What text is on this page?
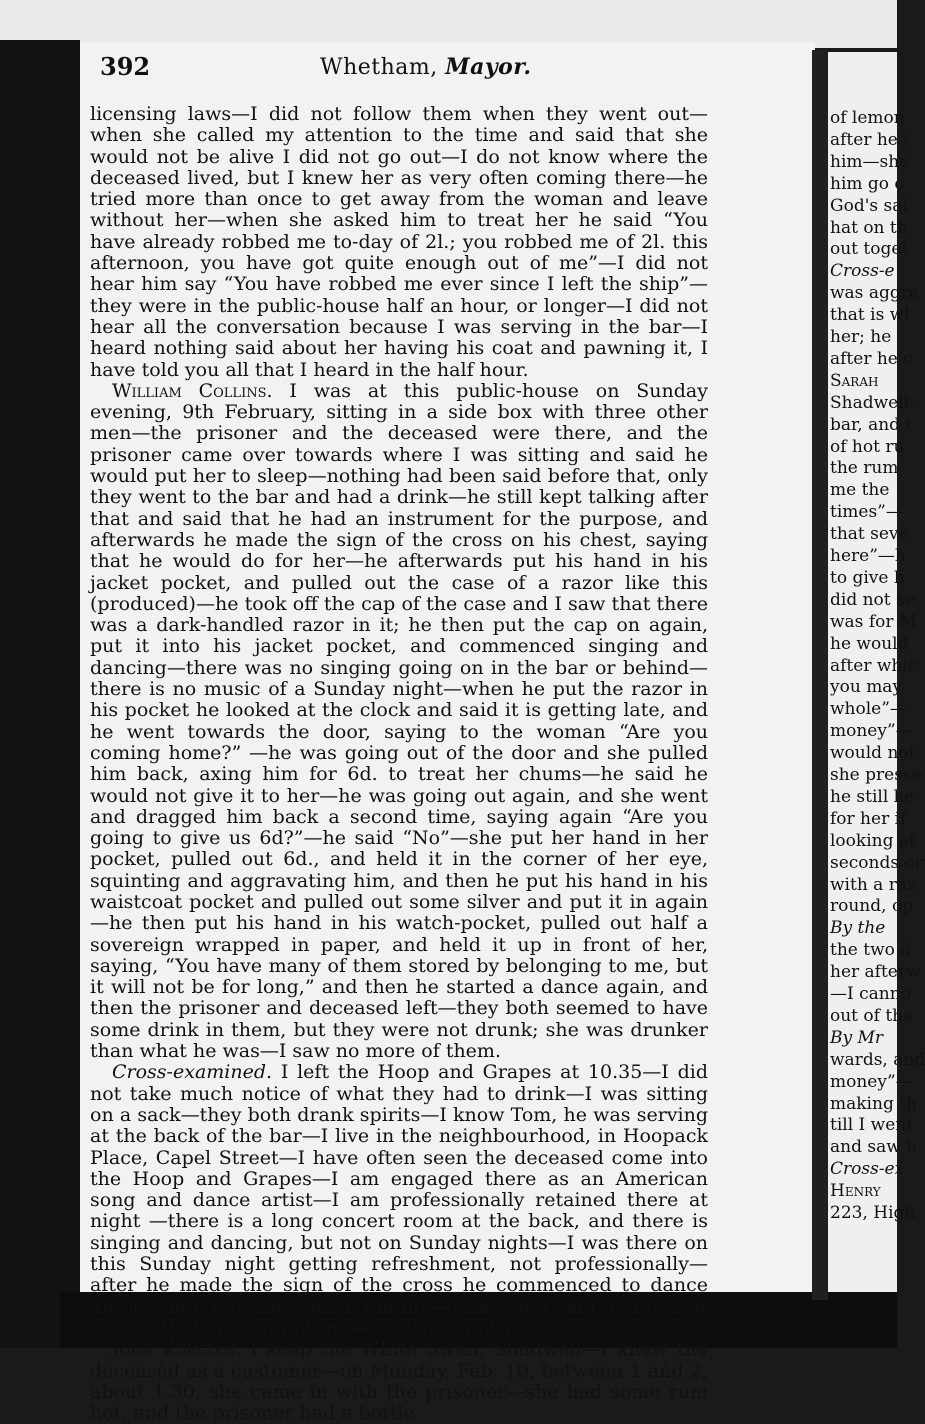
392	Whetham, Mayor.

licensing laws—I did not follow them when they went out—when she called my attention to the time and said that she would not be alive I did not go out—I do not know where the deceased lived, but I knew her as very often coming there—he tried more than once to get away from the woman and leave without her—when she asked him to treat her he said “You have already robbed me to-day of 2l.; you robbed me of 2l. this afternoon, you have got quite enough out of me”—I did not hear him say “You have robbed me ever since I left the ship”—they were in the public-house half an hour, or longer—I did not hear all the conversation because I was serving in the bar—I heard nothing said about her having his coat and pawning it, I have told you all that I heard in the half hour.

William Collins. I was at this public-house on Sunday evening, 9th February, sitting in a side box with three other men—the prisoner and the deceased were there, and the prisoner came over towards where I was sitting and said he would put her to sleep—nothing had been said before that, only they went to the bar and had a drink—he still kept talking after that and said that he had an instrument for the purpose, and afterwards he made the sign of the cross on his chest, saying that he would do for her—he afterwards put his hand in his jacket pocket, and pulled out the case of a razor like this (produced)—he took off the cap of the case and I saw that there was a dark-handled razor in it; he then put the cap on again, put it into his jacket pocket, and commenced singing and dancing—there was no singing going on in the bar or behind—there is no music of a Sunday night—when he put the razor in his pocket he looked at the clock and said it is getting late, and he went towards the door, saying to the woman “Are you coming home?” —he was going out of the door and she pulled him back, axing him for 6d. to treat her chums—he said he would not give it to her—he was going out again, and she went and dragged him back a second time, saying again “Are you going to give us 6d?”—he said “No”—she put her hand in her pocket, pulled out 6d., and held it in the corner of her eye, squinting and aggravating him, and then he put his hand in his waistcoat pocket and pulled out some silver and put it in again—he then put his hand in his watch-pocket, pulled out half a sovereign wrapped in paper, and held it up in front of her, saying, “You have many of them stored by belonging to me, but it will not be for long,” and then he started a dance again, and then the prisoner and deceased left—they both seemed to have some drink in them, but they were not drunk; she was drunker than what he was—I saw no more of them.

Cross-examined. I left the Hoop and Grapes at 10.35—I did not take much notice of what they had to drink—I was sitting on a sack—they both drank spirits—I know Tom, he was serving at the back of the bar—I live in the neighbourhood, in Hoopack Place, Capel Street—I have often seen the deceased come into the Hoop and Grapes—I am engaged there as an American song and dance artist—I am professionally retained there at night —there is a long concert room at the back, and there is singing and dancing, but not on Sunday nights—I was there on this Sunday night getting refreshment, not professionally—after he made the sign of the cross he commenced to dance and to sing, but the woman did not—I have not said to-day that they both danced and sang—I never said so.

John Kursten. I keep the White Swan, Shadwell—I knew the deceased as a customer—on Monday, Feb. 10, between 1 and 2, about 1.30, she came in with the prisoner—she had some rum hot, and the prisoner had a bottle

of lemon
after he t
him—she
him go o
God's sal
hat on th
out toget
Cross-e
was aggra
that is wl
her; he
after he c
Sarah
Shadwell-
bar, and t
of hot ru
the rum
me the
times”—
that seve
here”—h
to give h
did not se
was for M
he would
after whic
you may
whole”—
money”—
would not
she presse
he still ke
for her if
looking at
seconds or
with a raz
round, op
By the
the two d
her afterw
—I canno
out of the
By Mr
wards, and
money”—
making th
till I went
and saw h
Cross-ex
Henry
223, High
